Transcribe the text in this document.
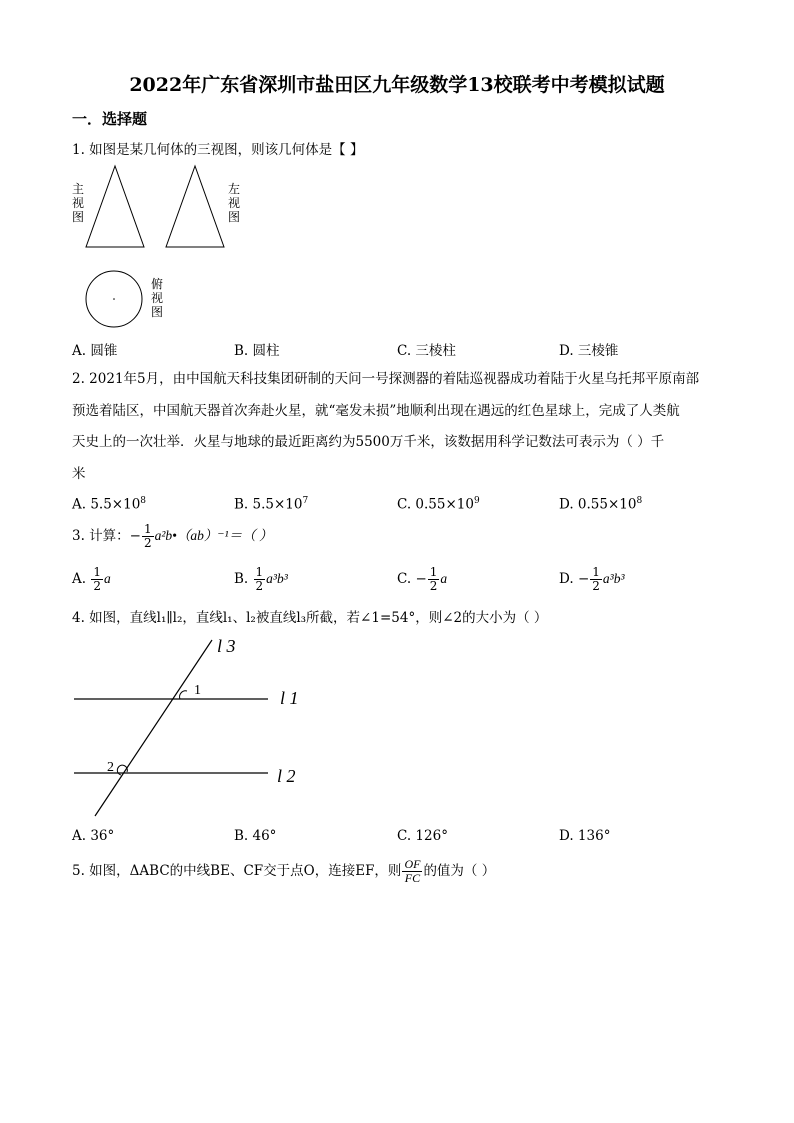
2022年广东省深圳市盐田区九年级数学13校联考中考模拟试题
一．选择题
1. 如图是某几何体的三视图，则该几何体是【 】
主视图
左视图
俯视图
A. 圆锥	B. 圆柱	C. 三棱柱	D. 三棱锥
2. 2021年5月，由中国航天科技集团研制的天问一号探测器的着陆巡视器成功着陆于火星乌托邦平原南部
预选着陆区，中国航天器首次奔赴火星，就“毫发未损”地顺利出现在遇远的红色星球上，完成了人类航
天史上的一次壮举．火星与地球的最近距离约为5500万千米，该数据用科学记数法可表示为（ ）千
米
A. $5.5\times 10^8$	B. $5.5\times 10^7$	C. $0.55\times 10^9$	D. $0.55\times 10^8$
3. 计算：− $\frac{1}{2}$ a²b•（ab）⁻¹＝（ ）
A. $\frac{1}{2}$ a	B. $\frac{1}{2} a^3b^3$	C. − $\frac{1}{2}$ a	D. − $\frac{1}{2} a^3b^3$
4. 如图，直线l₁∥l₂，直线l₁、l₂被直线l₃所截，若∠1=54°，则∠2的大小为（ ）
1
2
l 3
l 1
l 2
A. 36°	B. 46°	C. 126°	D. 136°
5. 如图，ΔABC的中线BE、CF交于点O，连接EF，则 $\frac{OF}{FC}$ 的值为（ ）
